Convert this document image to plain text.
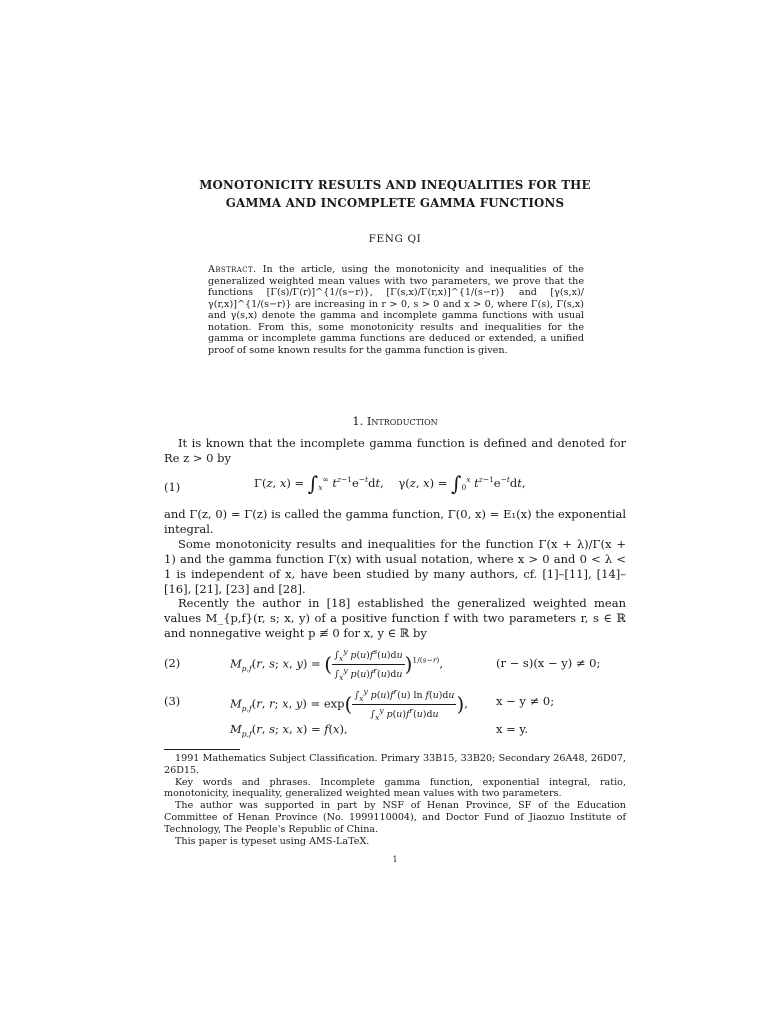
MONOTONICITY RESULTS AND INEQUALITIES FOR THE
GAMMA AND INCOMPLETE GAMMA FUNCTIONS
FENG QI
Abstract. In the article, using the monotonicity and inequalities of the generalized weighted mean values with two parameters, we prove that the functions [Γ(s)/Γ(r)]^{1/(s−r)}, [Γ(s,x)/Γ(r,x)]^{1/(s−r)} and [γ(s,x)/γ(r,x)]^{1/(s−r)} are increasing in r > 0, s > 0 and x > 0, where Γ(s), Γ(s,x) and γ(s,x) denote the gamma and incomplete gamma functions with usual notation. From this, some monotonicity results and inequalities for the gamma or incomplete gamma functions are deduced or extended, a unified proof of some known results for the gamma function is given.
1. Introduction
It is known that the incomplete gamma function is defined and denoted for Re z > 0 by
(1)	Γ(z, $x) = \int_x^\infty$ $t^{z-1}e^{-t}dt$,    γ(z, $x) = \int_0^x$ $t^{z-1}e^{-t}dt$,
and Γ(z, 0) = Γ(z) is called the gamma function, Γ(0, x) = E₁(x) the exponential integral.
Some monotonicity results and inequalities for the function Γ(x + λ)/Γ(x + 1) and the gamma function Γ(x) with usual notation, where x > 0 and 0 < λ < 1 is independent of x, have been studied by many authors, cf. [1]–[11], [14]–[16], [21], [23] and [28].
Recently the author in [18] established the generalized weighted mean values M_{p,f}(r, s; x, y) of a positive function f with two parameters r, s ∈ ℝ and nonnegative weight p ≢ 0 for x, y ∈ ℝ by
(2)	$M_{p,f}(r$, s; x, y) = ( $\frac{\int_x^y p(u)f^s(u)du}{\int_x^y p(u)f^r(u)du} )^{1/(s-r)}$,	(r − s)(x − y) ≠ 0;
(3)	$M_{p,f}(r$, r; x, $y) = \exp( \frac{\int_x^y p(u)f^r(u) \ln f(u)du}{\int_x^y p(u)f^r(u)du}$ ), x − y ≠ 0;
$M_{p,f}(r$, s; x, x) = f(x),	x = y.

1991 Mathematics Subject Classification. Primary 33B15, 33B20; Secondary 26A48, 26D07, 26D15.

Key words and phrases. Incomplete gamma function, exponential integral, ratio, monotonicity, inequality, generalized weighted mean values with two parameters.

The author was supported in part by NSF of Henan Province, SF of the Education Committee of Henan Province (No. 1999110004), and Doctor Fund of Jiaozuo Institute of Technology, The People's Republic of China.

This paper is typeset using AMS-LaTeX.

1
